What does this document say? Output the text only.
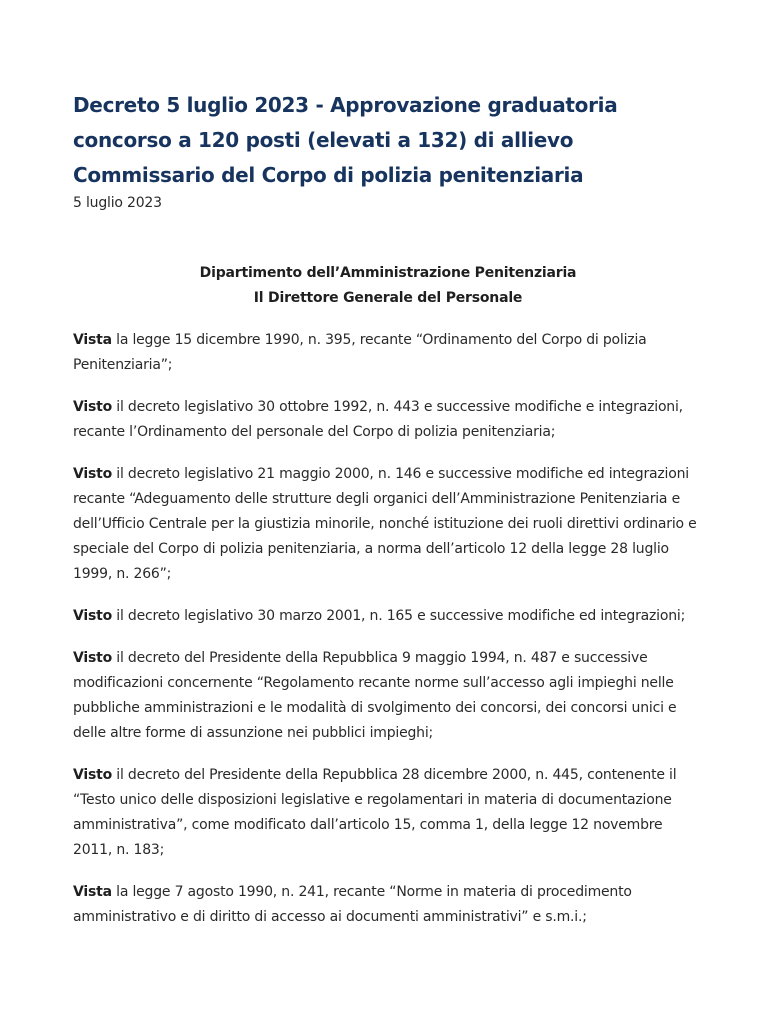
Decreto 5 luglio 2023 - Approvazione graduatoria concorso a 120 posti (elevati a 132) di allievo Commissario del Corpo di polizia penitenziaria

5 luglio 2023

Dipartimento dell’Amministrazione Penitenziaria
Il Direttore Generale del Personale

Vista la legge 15 dicembre 1990, n. 395, recante “Ordinamento del Corpo di polizia Penitenziaria”;

Visto il decreto legislativo 30 ottobre 1992, n. 443 e successive modifiche e integrazioni, recante l’Ordinamento del personale del Corpo di polizia penitenziaria;

Visto il decreto legislativo 21 maggio 2000, n. 146 e successive modifiche ed integrazioni recante “Adeguamento delle strutture degli organici dell’Amministrazione Penitenziaria e dell’Ufficio Centrale per la giustizia minorile, nonché istituzione dei ruoli direttivi ordinario e speciale del Corpo di polizia penitenziaria, a norma dell’articolo 12 della legge 28 luglio 1999, n. 266”;

Visto il decreto legislativo 30 marzo 2001, n. 165 e successive modifiche ed integrazioni;

Visto il decreto del Presidente della Repubblica 9 maggio 1994, n. 487 e successive modificazioni concernente “Regolamento recante norme sull’accesso agli impieghi nelle pubbliche amministrazioni e le modalità di svolgimento dei concorsi, dei concorsi unici e delle altre forme di assunzione nei pubblici impieghi;

Visto il decreto del Presidente della Repubblica 28 dicembre 2000, n. 445, contenente il “Testo unico delle disposizioni legislative e regolamentari in materia di documentazione amministrativa”, come modificato dall’articolo 15, comma 1, della legge 12 novembre 2011, n. 183;

Vista la legge 7 agosto 1990, n. 241, recante “Norme in materia di procedimento amministrativo e di diritto di accesso ai documenti amministrativi” e s.m.i.;
